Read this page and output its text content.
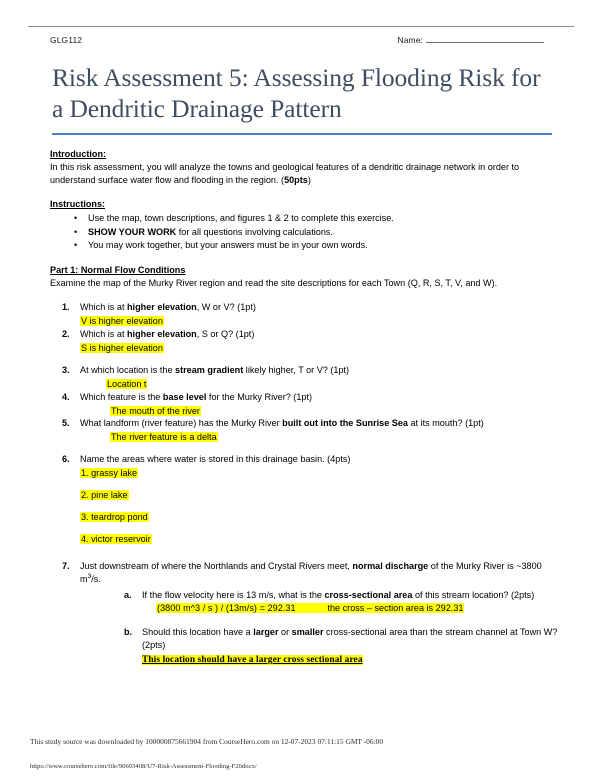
GLG112	Name:
Risk Assessment 5: Assessing Flooding Risk for a Dendritic Drainage Pattern

Introduction:

In this risk assessment, you will analyze the towns and geological features of a dendritic drainage network in order to understand surface water flow and flooding in the region. (50pts)

Instructions:

• Use the map, town descriptions, and figures 1 & 2 to complete this exercise.
• SHOW YOUR WORK for all questions involving calculations.
• You may work together, but your answers must be in your own words.

Part 1: Normal Flow Conditions

Examine the map of the Murky River region and read the site descriptions for each Town (Q, R, S, T, V, and W).

1.	Which is at higher elevation, W or V? (1pt)
V is higher elevation
2.	Which is at higher elevation, S or Q? (1pt)
S is higher elevation
3.	At which location is the stream gradient likely higher, T or V? (1pt)
Location t
4.	Which feature is the base level for the Murky River? (1pt)
The mouth of the river
5.	What landform (river feature) has the Murky River built out into the Sunrise Sea at its mouth? (1pt)
The river feature is a delta
6.	Name the areas where water is stored in this drainage basin. (4pts)
1. grassy lake
2. pine lake
3. teardrop pond
4. victor reservoir
7.	Just downstream of where the Northlands and Crystal Rivers meet, normal discharge of the Murky River is ~3800 $m^3/s$.
a. If the flow velocity here is 13 m/s, what is the cross-sectional area of this stream location? (2pts)
(3800 m^3 / s ) / (13m/s) = 292.31	the cross – section area is 292.31
b. Should this location have a larger or smaller cross-sectional area than the stream channel at Town W? (2pts)
This location should have a larger cross sectional area
This study source was downloaded by 100000875661904 from CourseHero.com on 12-07-2023 07:11:15 GMT -06:00
https://www.coursehero.com/file/90693408/U7-Risk-Assessment-Flooding-F20docx/
